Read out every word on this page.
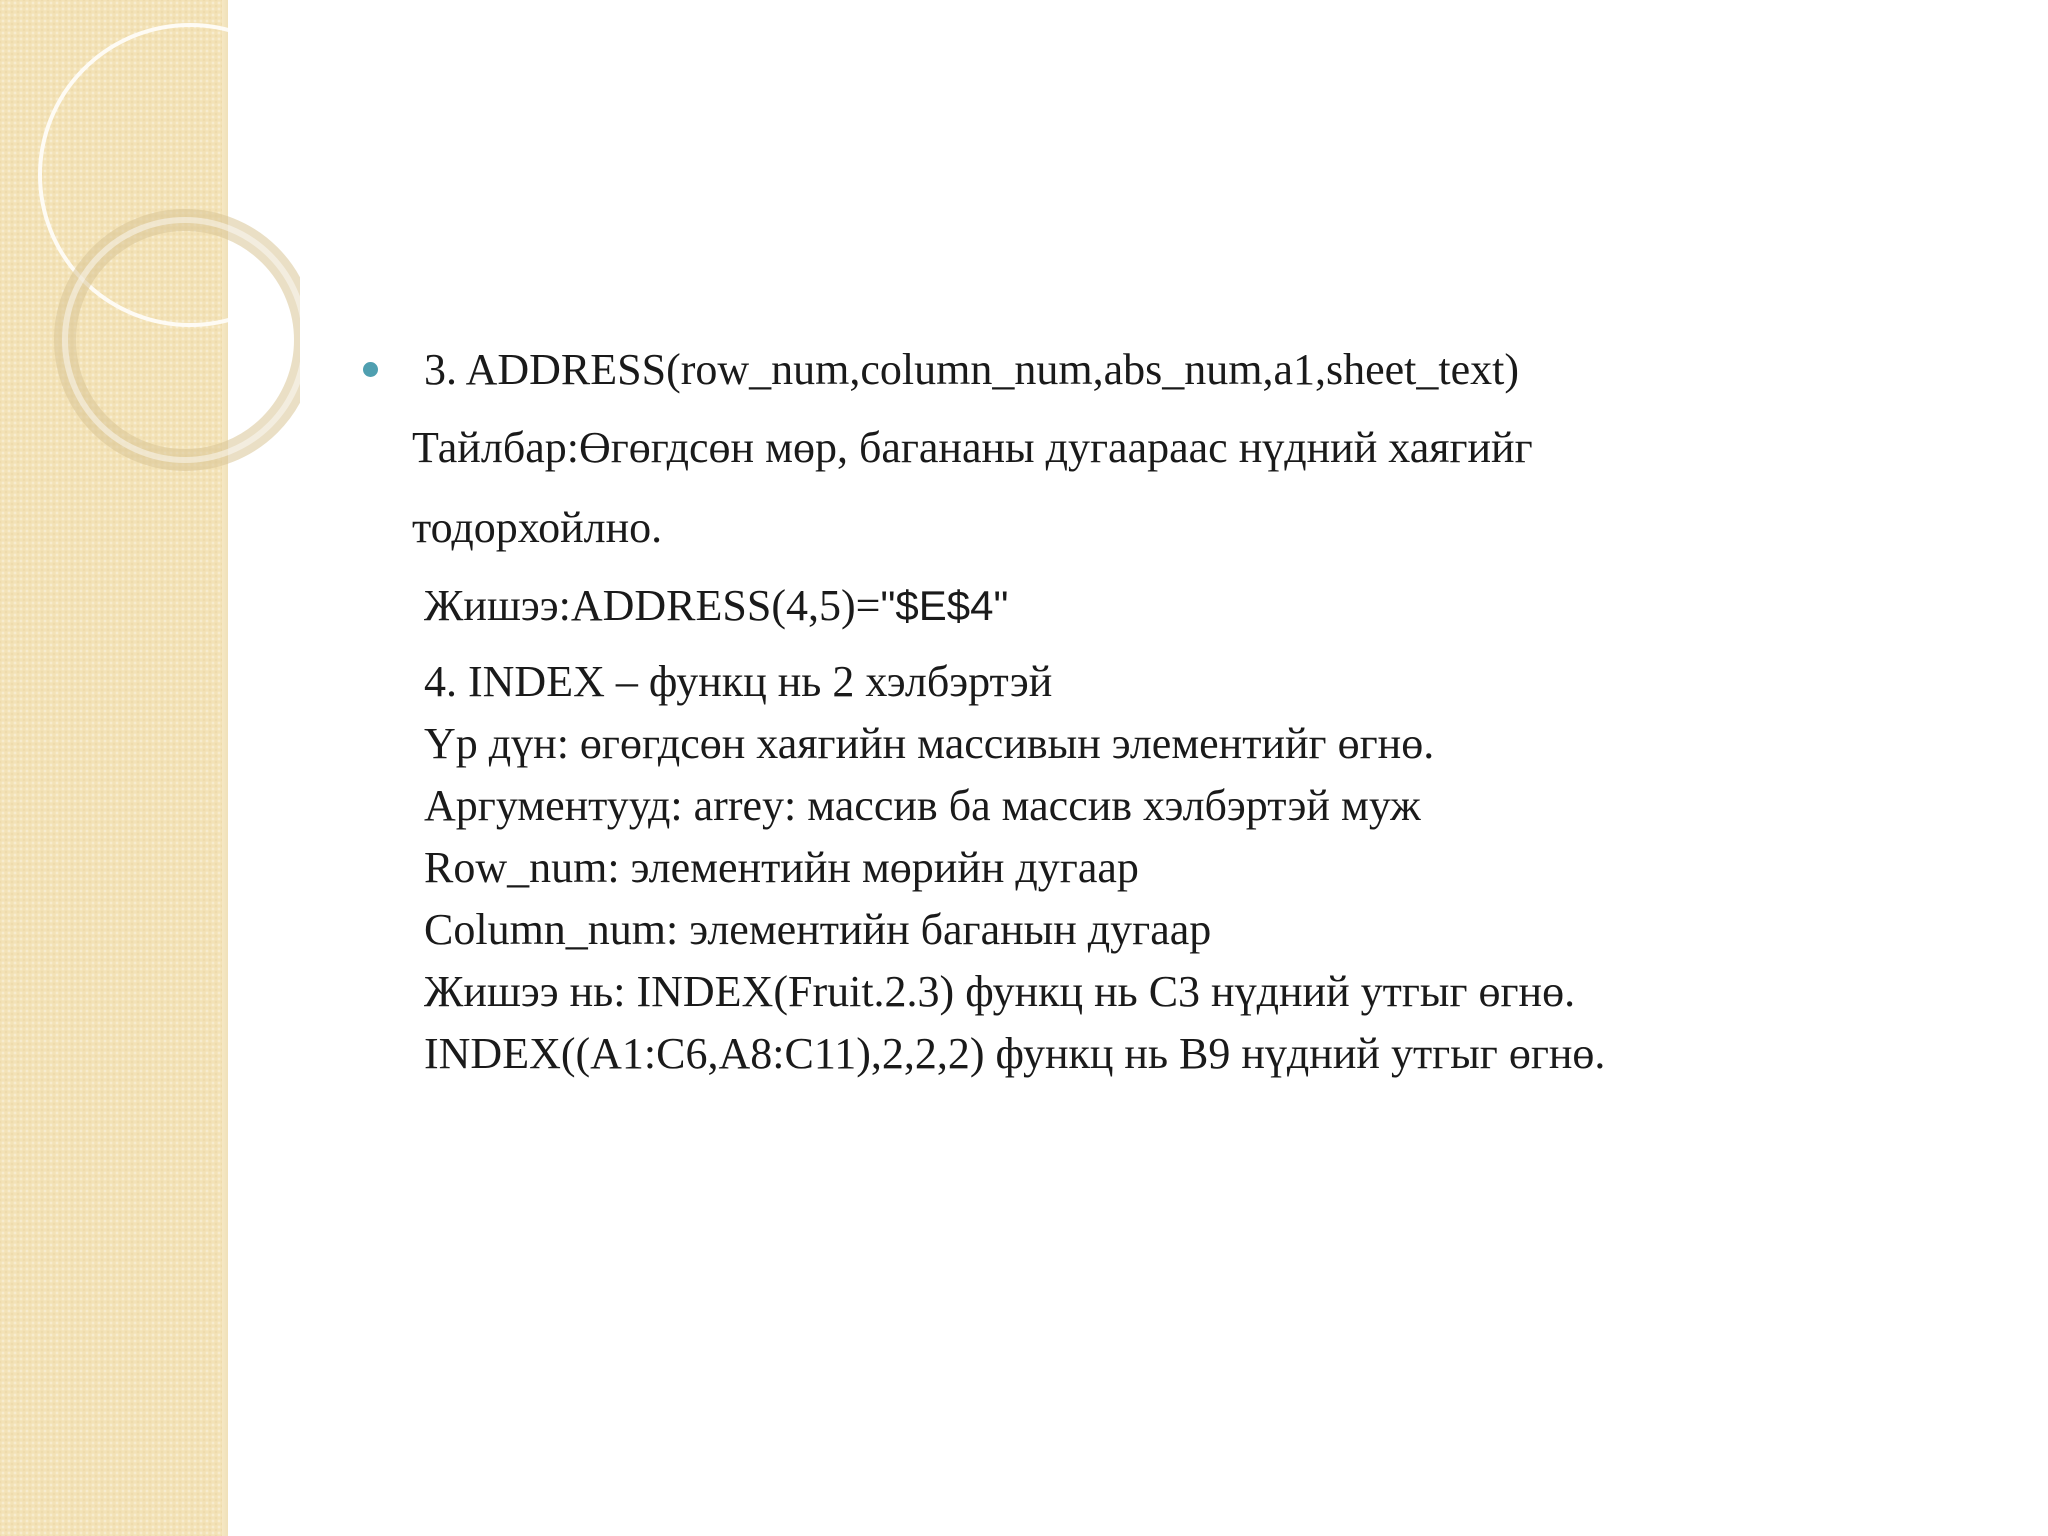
3. ADDRESS(row_num,column_num,abs_num,a1,sheet_text)
Тайлбар:Өгөгдсөн мөр, багананы дугаараас нүдний хаягийг
тодорхойлно.
Жишээ:ADDRESS(4,5)="$E$4"
4. INDEX – функц нь 2 хэлбэртэй
Үр дүн: өгөгдсөн хаягийн массивын элементийг өгнө.
Аргументууд: arrey: массив ба массив хэлбэртэй муж
Row_num: элементийн мөрийн дугаар
Column_num: элементийн баганын дугаар
Жишээ нь: INDEX(Fruit.2.3) функц нь C3 нүдний утгыг өгнө.
INDEX((A1:C6,A8:C11),2,2,2) функц нь B9 нүдний утгыг өгнө.
